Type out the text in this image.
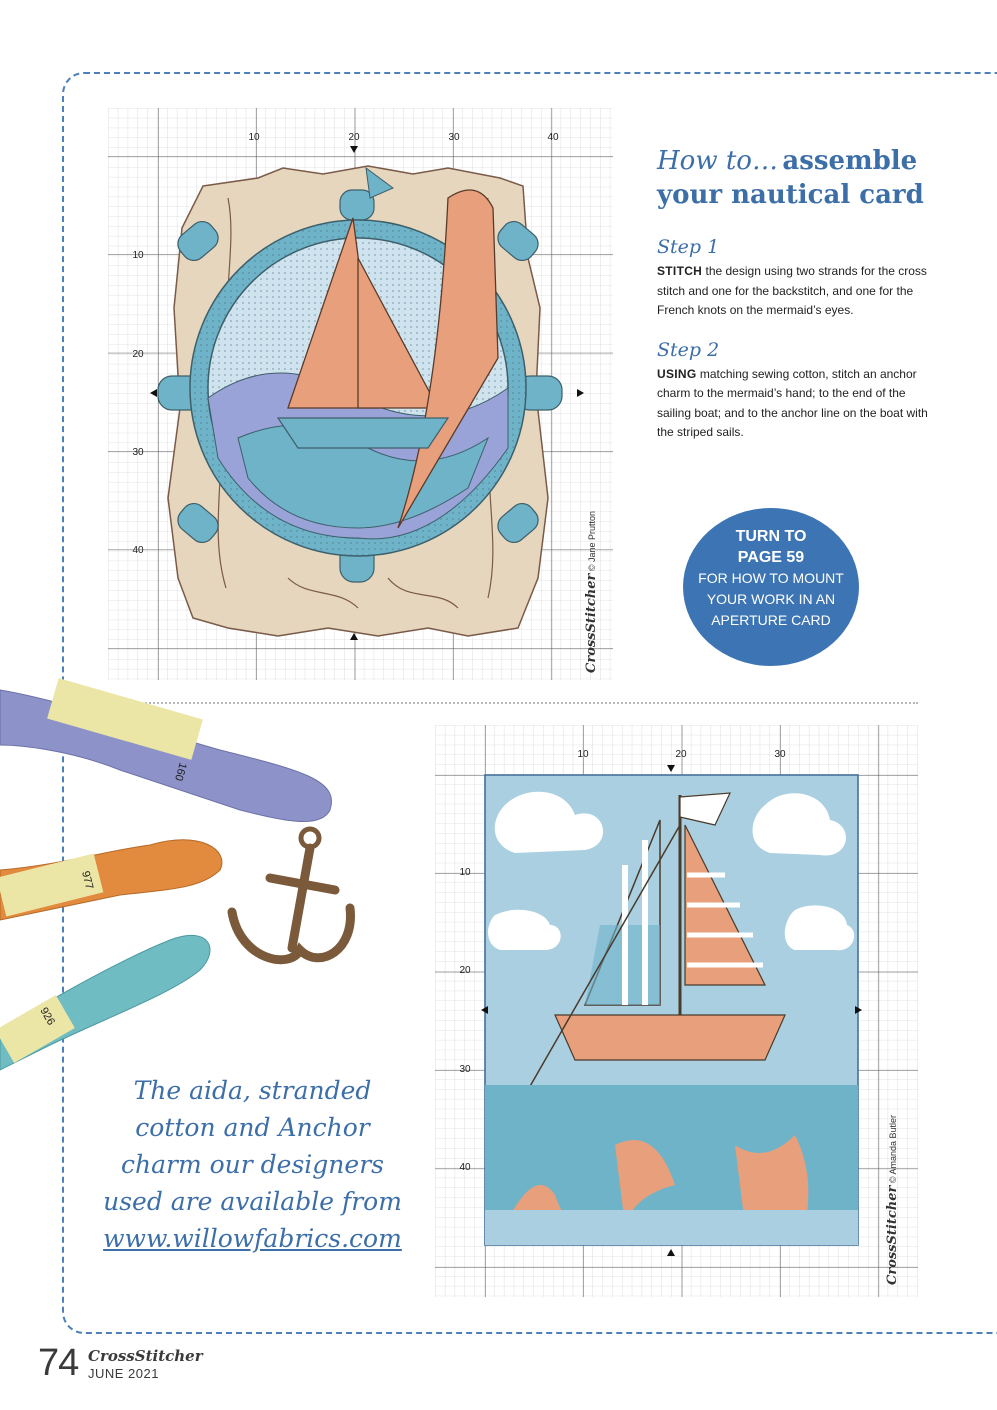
10	20	30	40
10
20
30
40
CrossStitcher © Jane Prutton

How to… assemble

your nautical card

Step 1

STITCH the design using two strands for the cross stitch and one for the backstitch, and one for the French knots on the mermaid’s eyes.

Step 2

USING matching sewing cotton, stitch an anchor charm to the mermaid’s hand; to the end of the sailing boat; and to the anchor line on the boat with the striped sails.

TURN TO
PAGE 59
FOR HOW TO MOUNT
YOUR WORK IN AN
APERTURE CARD
160
977
926
10	20	30
10
20
30
40
CrossStitcher © Amanda Butler
The aida, stranded
cotton and Anchor
charm our designers
used are available from
www.willowfabrics.com
74 CrossStitcher
JUNE 2021
